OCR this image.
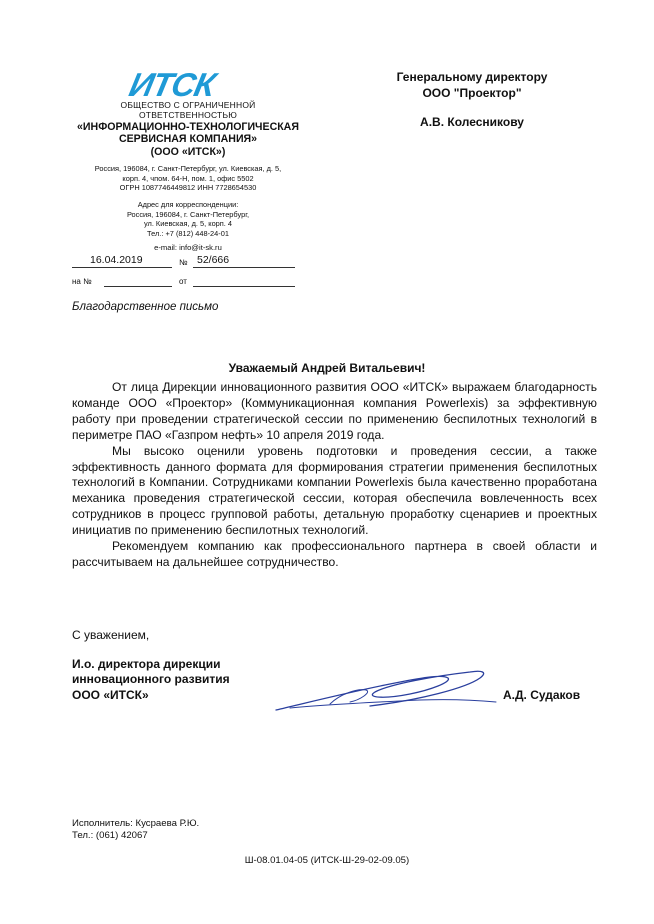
ИТСК
ОБЩЕСТВО С ОГРАНИЧЕННОЙ ОТВЕТСТВЕННОСТЬЮ
«ИНФОРМАЦИОННО-ТЕХНОЛОГИЧЕСКАЯ
СЕРВИСНАЯ КОМПАНИЯ»
(ООО «ИТСК»)
Россия, 196084, г. Санкт-Петербург, ул. Киевская, д. 5,
корп. 4, чпом. 64-Н, пом. 1, офис 5502
ОГРН 1087746449812 ИНН 7728654530
Адрес для корреспонденции:
Россия, 196084, г. Санкт-Петербург,
ул. Киевская, д. 5, корп. 4
Тел.: +7 (812) 448-24-01
e-mail: info@it-sk.ru
Генеральному директору
ООО "Проектор"
А.В. Колесникову
16.04.2019	№ 52/666
на №	от
Благодарственное письмо
Уважаемый Андрей Витальевич!

От лица Дирекции инновационного развития ООО «ИТСК» выражаем благодарность команде ООО «Проектор» (Коммуникационная компания Powerlexis) за эффективную работу при проведении стратегической сессии по применению беспилотных технологий в периметре ПАО «Газпром нефть» 10 апреля 2019 года.

Мы высоко оценили уровень подготовки и проведения сессии, а также эффективность данного формата для формирования стратегии применения беспилотных технологий в Компании. Сотрудниками компании Powerlexis была качественно проработана механика проведения стратегической сессии, которая обеспечила вовлеченность всех сотрудников в процесс групповой работы, детальную проработку сценариев и проектных инициатив по применению беспилотных технологий.

Рекомендуем компанию как профессионального партнера в своей области и рассчитываем на дальнейшее сотрудничество.

С уважением,
И.о. директора дирекции
инновационного развития
ООО «ИТСК»	А.Д. Судаков
Исполнитель: Кусраева Р.Ю.
Тел.: (061) 42067
Ш-08.01.04-05 (ИТСК-Ш-29-02-09.05)
